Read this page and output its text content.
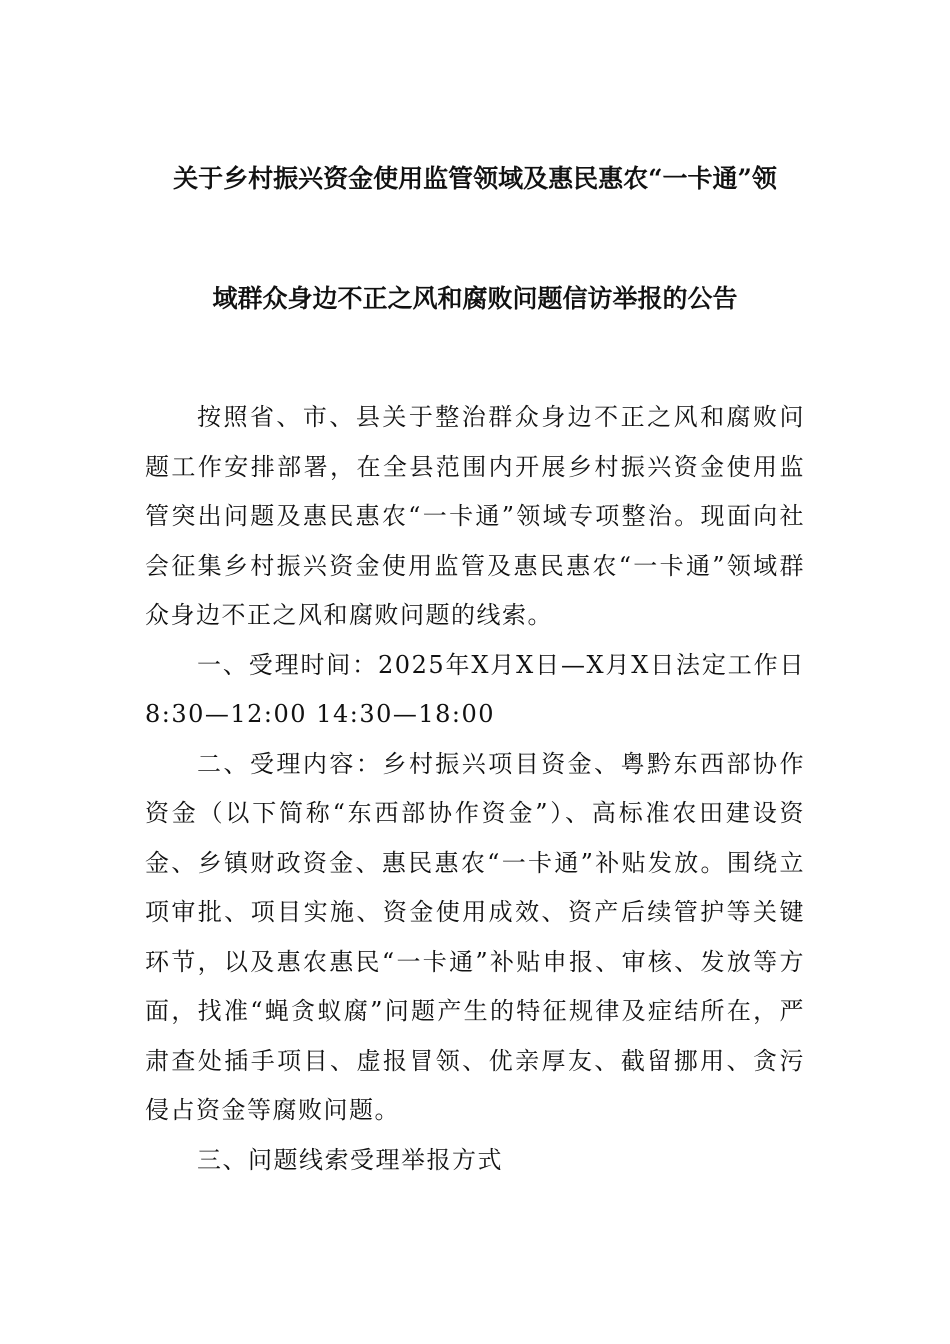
关于乡村振兴资金使用监管领域及惠民惠农“一卡通”领
域群众身边不正之风和腐败问题信访举报的公告

按照省、市、县关于整治群众身边不正之风和腐败问题工作安排部署，在全县范围内开展乡村振兴资金使用监管突出问题及惠民惠农“一卡通”领域专项整治。现面向社会征集乡村振兴资金使用监管及惠民惠农“一卡通”领域群众身边不正之风和腐败问题的线索。

一、受理时间：2025年X月X日—X月X日法定工作日8:30—12:00 14:30—18:00

二、受理内容：乡村振兴项目资金、粤黔东西部协作资金（以下简称“东西部协作资金”）、高标准农田建设资金、乡镇财政资金、惠民惠农“一卡通”补贴发放。围绕立项审批、项目实施、资金使用成效、资产后续管护等关键环节，以及惠农惠民“一卡通”补贴申报、审核、发放等方面，找准“蝇贪蚁腐”问题产生的特征规律及症结所在，严肃查处插手项目、虚报冒领、优亲厚友、截留挪用、贪污侵占资金等腐败问题。

三、问题线索受理举报方式
